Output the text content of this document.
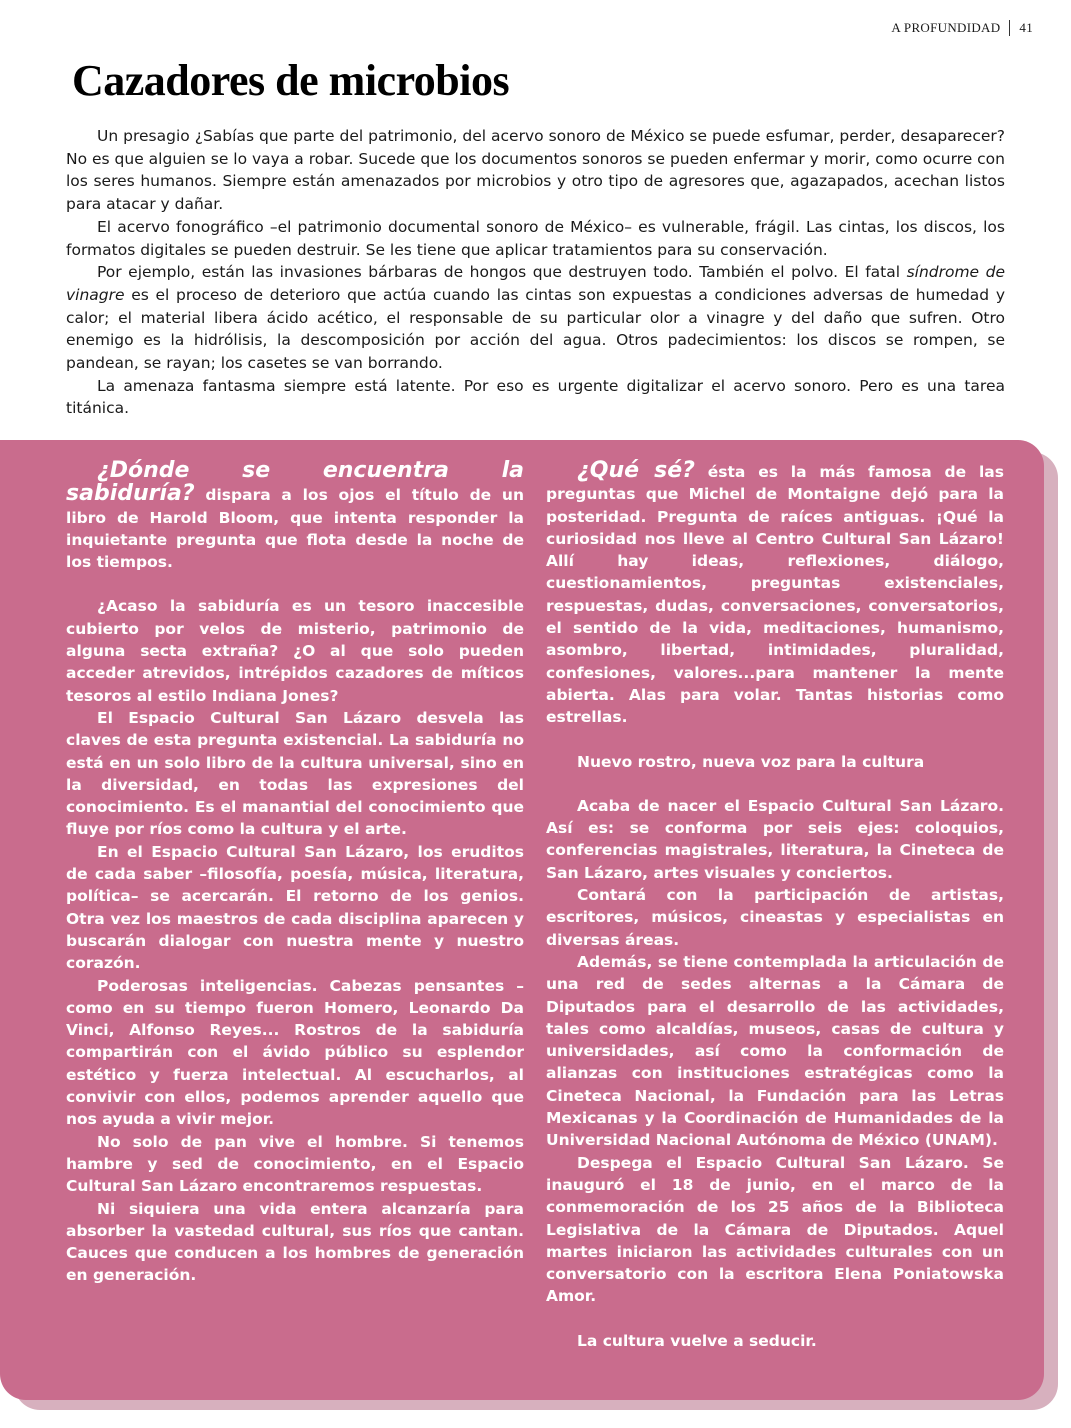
A PROFUNDIDAD 41
Cazadores de microbios

Un presagio ¿Sabías que parte del patrimonio, del acervo sonoro de México se puede esfumar, perder, desaparecer? No es que alguien se lo vaya a robar. Sucede que los documentos sonoros se pueden enfermar y morir, como ocurre con los seres humanos. Siempre están amenazados por microbios y otro tipo de agresores que, agazapados, acechan listos para atacar y dañar.

El acervo fonográfico –el patrimonio documental sonoro de México– es vulnerable, frágil. Las cintas, los discos, los formatos digitales se pueden destruir. Se les tiene que aplicar tratamientos para su conservación.

Por ejemplo, están las invasiones bárbaras de hongos que destruyen todo. También el polvo. El fatal síndrome de vinagre es el proceso de deterioro que actúa cuando las cintas son expuestas a condiciones adversas de humedad y calor; el material libera ácido acético, el responsable de su particular olor a vinagre y del daño que sufren. Otro enemigo es la hidrólisis, la descomposición por acción del agua. Otros padecimientos: los discos se rompen, se pandean, se rayan; los casetes se van borrando.

La amenaza fantasma siempre está latente. Por eso es urgente digitalizar el acervo sonoro. Pero es una tarea titánica.

¿Dónde se encuentra la sabiduría? dispara a los ojos el título de un libro de Harold Bloom, que intenta responder la inquietante pregunta que flota desde la noche de los tiempos.

¿Acaso la sabiduría es un tesoro inaccesible cubierto por velos de misterio, patrimonio de alguna secta extraña? ¿O al que solo pueden acceder atrevidos, intrépidos cazadores de míticos tesoros al estilo Indiana Jones?

El Espacio Cultural San Lázaro desvela las claves de esta pregunta existencial. La sabiduría no está en un solo libro de la cultura universal, sino en la diversidad, en todas las expresiones del conocimiento. Es el manantial del conocimiento que fluye por ríos como la cultura y el arte.

En el Espacio Cultural San Lázaro, los eruditos de cada saber –filosofía, poesía, música, literatura, política– se acercarán. El retorno de los genios. Otra vez los maestros de cada disciplina aparecen y buscarán dialogar con nuestra mente y nuestro corazón.

Poderosas inteligencias. Cabezas pensantes –como en su tiempo fueron Homero, Leonardo Da Vinci, Alfonso Reyes... Rostros de la sabiduría compartirán con el ávido público su esplendor estético y fuerza intelectual. Al escucharlos, al convivir con ellos, podemos aprender aquello que nos ayuda a vivir mejor.

No solo de pan vive el hombre. Si tenemos hambre y sed de conocimiento, en el Espacio Cultural San Lázaro encontraremos respuestas.

Ni siquiera una vida entera alcanzaría para absorber la vastedad cultural, sus ríos que cantan. Cauces que conducen a los hombres de generación en generación.

¿Qué sé? ésta es la más famosa de las preguntas que Michel de Montaigne dejó para la posteridad. Pregunta de raíces antiguas. ¡Qué la curiosidad nos lleve al Centro Cultural San Lázaro! Allí hay ideas, reflexiones, diálogo, cuestionamientos, preguntas existenciales, respuestas, dudas, conversaciones, conversatorios, el sentido de la vida, meditaciones, humanismo, asombro, libertad, intimidades, pluralidad, confesiones, valores...para mantener la mente abierta. Alas para volar. Tantas historias como estrellas.

Nuevo rostro, nueva voz para la cultura

Acaba de nacer el Espacio Cultural San Lázaro. Así es: se conforma por seis ejes: coloquios, conferencias magistrales, literatura, la Cineteca de San Lázaro, artes visuales y conciertos.

Contará con la participación de artistas, escritores, músicos, cineastas y especialistas en diversas áreas.

Además, se tiene contemplada la articulación de una red de sedes alternas a la Cámara de Diputados para el desarrollo de las actividades, tales como alcaldías, museos, casas de cultura y universidades, así como la conformación de alianzas con instituciones estratégicas como la Cineteca Nacional, la Fundación para las Letras Mexicanas y la Coordinación de Humanidades de la Universidad Nacional Autónoma de México (UNAM).

Despega el Espacio Cultural San Lázaro. Se inauguró el 18 de junio, en el marco de la conmemoración de los 25 años de la Biblioteca Legislativa de la Cámara de Diputados. Aquel martes iniciaron las actividades culturales con un conversatorio con la escritora Elena Poniatowska Amor.

La cultura vuelve a seducir.
